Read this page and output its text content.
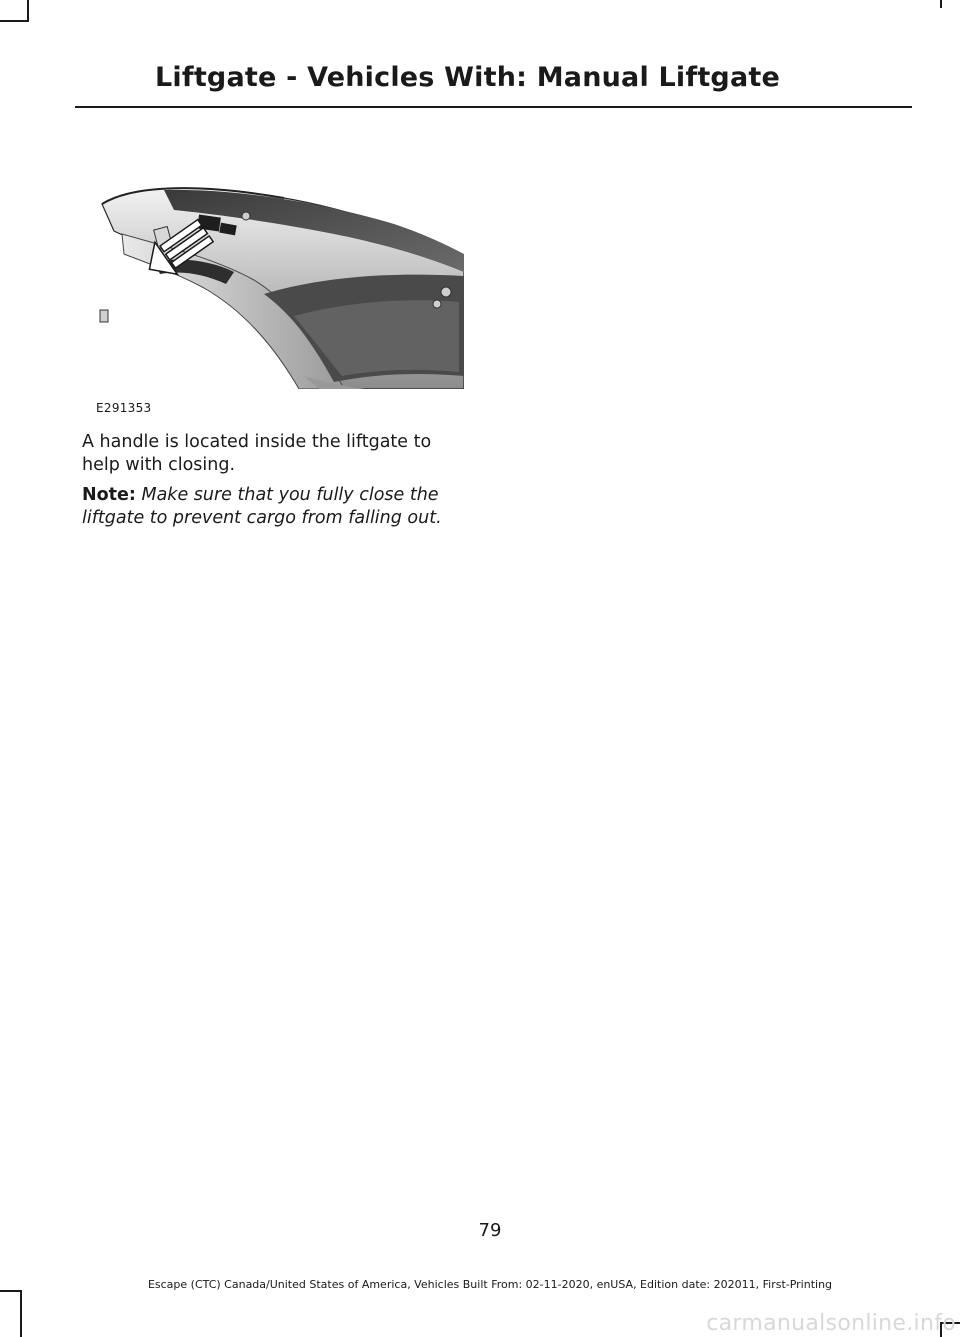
Liftgate - Vehicles With: Manual Liftgate
E291353

A handle is located inside the liftgate to help with closing.

Note: Make sure that you fully close the liftgate to prevent cargo from falling out.

79
Escape (CTC) Canada/United States of America, Vehicles Built From: 02-11-2020, enUSA, Edition date: 202011, First-Printing
carmanualsonline.info
